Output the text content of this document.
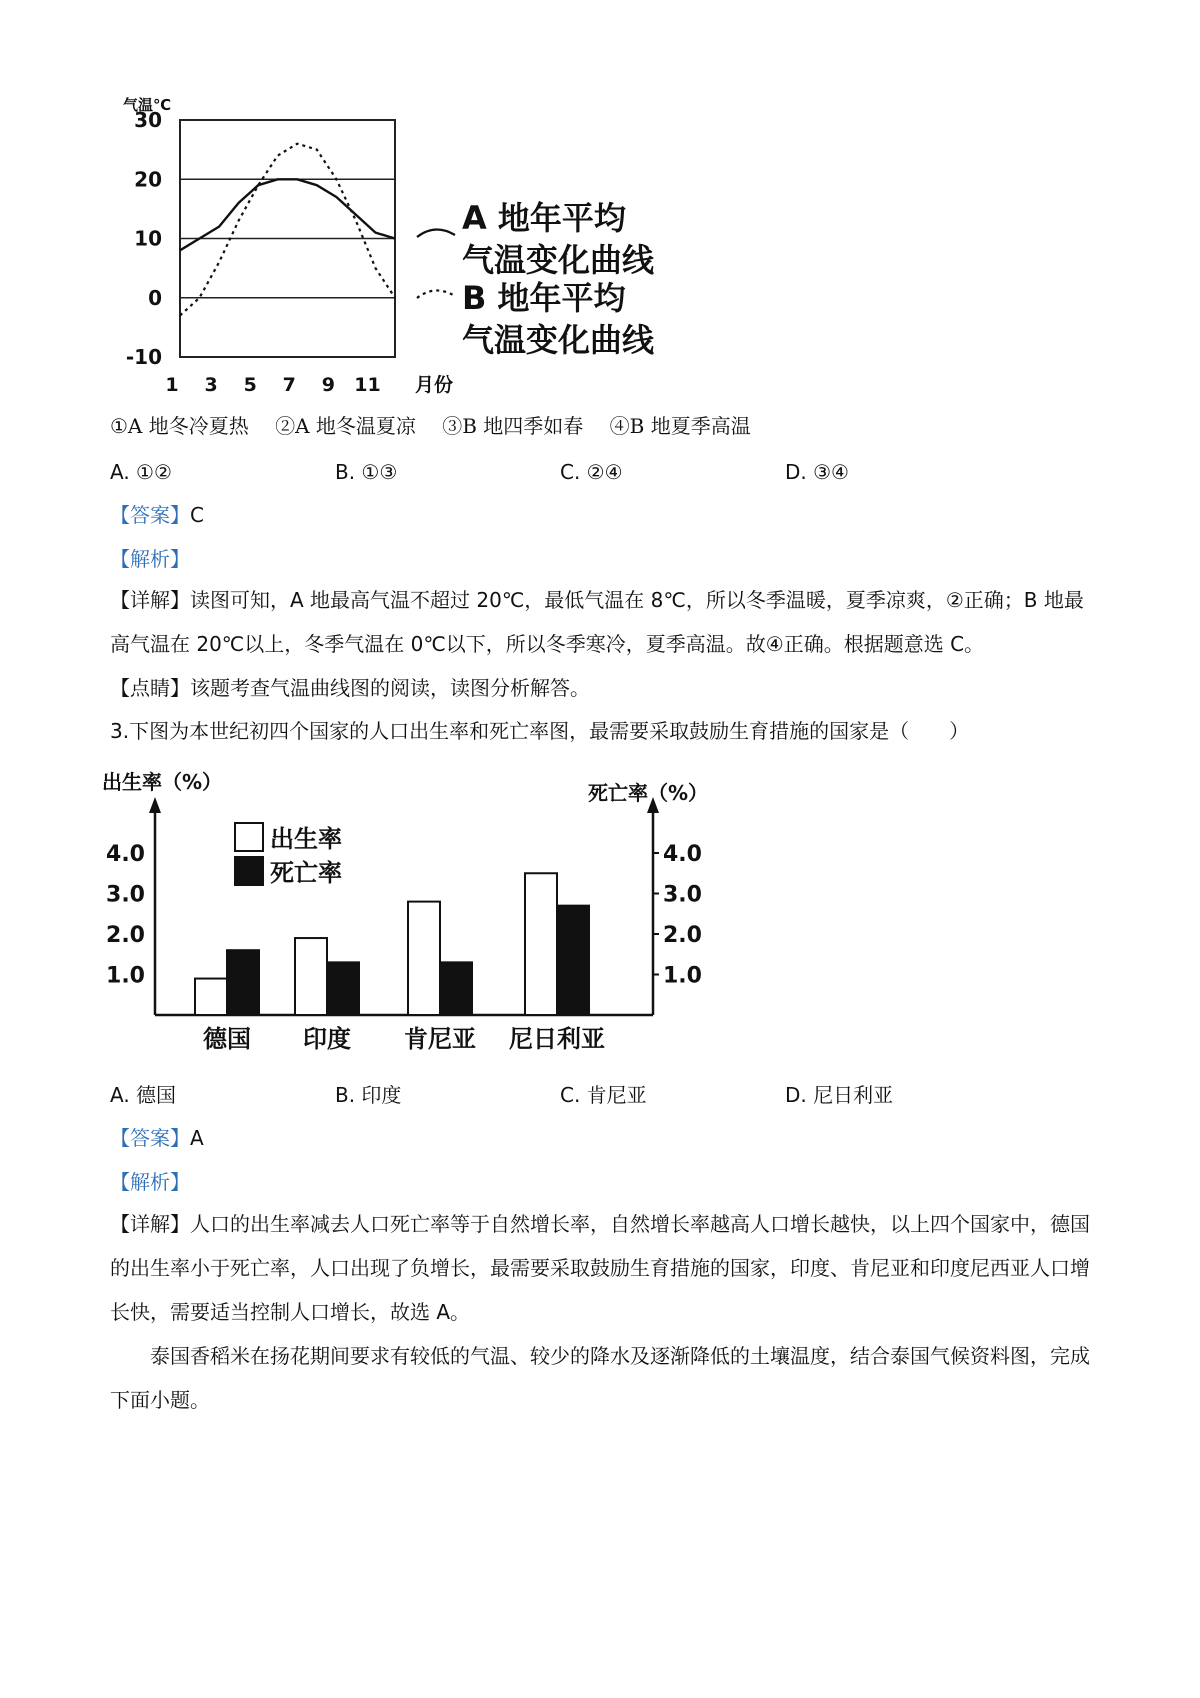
30
20
10
0
-10
1 3 5 7 9 11
A 地年平均
气温变化曲线
B 地年平均
气温变化曲线
气温℃
月份
①A 地冬冷夏热　 ②A 地冬温夏凉　 ③B 地四季如春　 ④B 地夏季高温
A. ①②	B. ①③	C. ②④	D. ③④
【答案】C
【解析】
【详解】读图可知，A 地最高气温不超过 20℃，最低气温在 8℃，所以冬季温暖，夏季凉爽，②正确；B 地最高气温在 20℃以上，冬季气温在 0℃以下，所以冬季寒冷，夏季高温。故④正确。根据题意选 C。
【点睛】该题考查气温曲线图的阅读，读图分析解答。
3.下图为本世纪初四个国家的人口出生率和死亡率图，最需要采取鼓励生育措施的国家是（　　）
4.0	4.0
3.0	3.0
2.0	2.0
1.0	1.0
德国 印度 肯尼亚 尼日利亚
出生率
死亡率
出生率（%）	死亡率（%）
A. 德国	B. 印度	C. 肯尼亚	D. 尼日利亚
【答案】A
【解析】
【详解】人口的出生率减去人口死亡率等于自然增长率，自然增长率越高人口增长越快，以上四个国家中，德国的出生率小于死亡率，人口出现了负增长，最需要采取鼓励生育措施的国家，印度、肯尼亚和印度尼西亚人口增长快，需要适当控制人口增长，故选 A。
泰国香稻米在扬花期间要求有较低的气温、较少的降水及逐渐降低的土壤温度，结合泰国气候资料图，完成下面小题。
